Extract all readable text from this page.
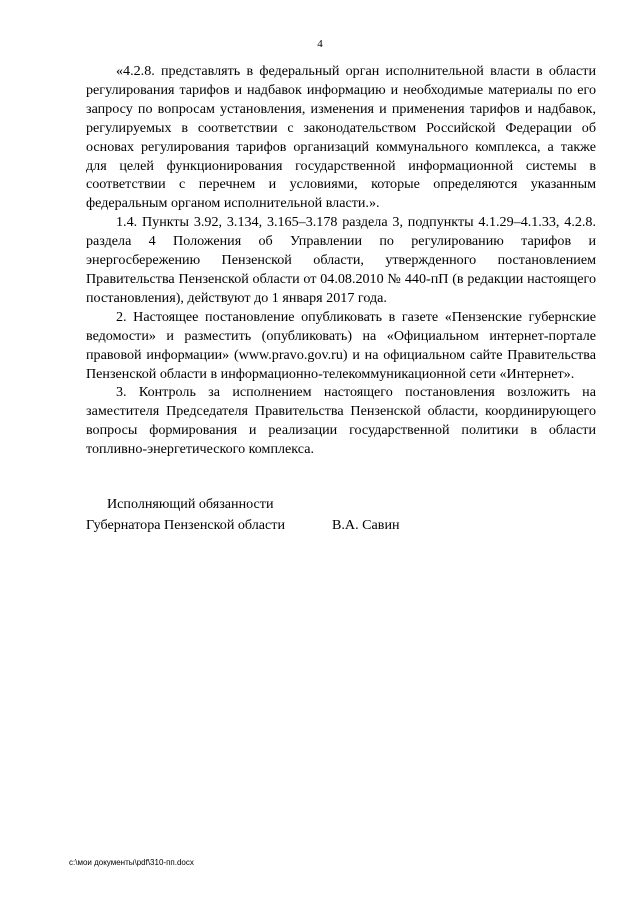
4

«4.2.8. представлять в федеральный орган исполнительной власти в области регулирования тарифов и надбавок информацию и необходимые материалы по его запросу по вопросам установления, изменения и применения тарифов и надбавок, регулируемых в соответствии с законодательством Российской Федерации об основах регулирования тарифов организаций коммунального комплекса, а также для целей функционирования государственной информационной системы в соответствии с перечнем и условиями, которые определяются указанным федеральным органом исполнительной власти.».

1.4. Пункты 3.92, 3.134, 3.165–3.178 раздела 3, подпункты 4.1.29–4.1.33, 4.2.8. раздела 4 Положения об Управлении по регулированию тарифов и энергосбережению Пензенской области, утвержденного постановлением Правительства Пензенской области от 04.08.2010 № 440-пП (в редакции настоящего постановления), действуют до 1 января 2017 года.

2. Настоящее постановление опубликовать в газете «Пензенские губернские ведомости» и разместить (опубликовать) на «Официальном интернет-портале правовой информации» (www.pravo.gov.ru) и на официальном сайте Правительства Пензенской области в информационно-телекоммуникационной сети «Интернет».

3. Контроль за исполнением настоящего постановления возложить на заместителя Председателя Правительства Пензенской области, координирующего вопросы формирования и реализации государственной политики в области топливно-энергетического комплекса.

Исполняющий обязанности
Губернатора Пензенской области	В.А. Савин
c:\мои документы\pdf\310-пп.docx
